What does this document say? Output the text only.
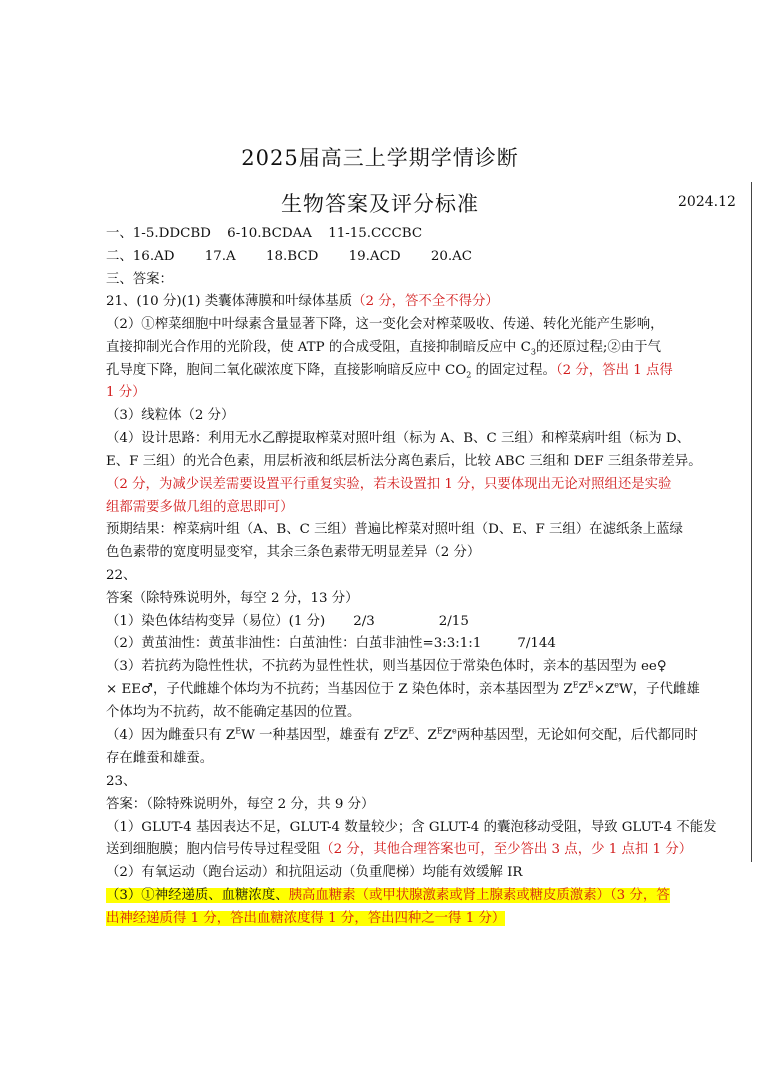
2025届高三上学期学情诊断
生物答案及评分标准	2024.12
一、1-5.DDCBD 6-10.BCDAA 11-15.CCCBC
二、16.AD 17.A 18.BCD 19.ACD 20.AC
三、答案：
21、(10 分)(1) 类囊体薄膜和叶绿体基质（2 分，答不全不得分）
（2）①榨菜细胞中叶绿素含量显著下降，这一变化会对榨菜吸收、传递、转化光能产生影响，
直接抑制光合作用的光阶段，使 ATP 的合成受阻，直接抑制暗反应中 $C_3$的还原过程;②由于气
孔导度下降，胞间二氧化碳浓度下降，直接影响暗反应中 $CO_2$ 的固定过程。（2 分，答出 1 点得
1 分）
（3）线粒体（2 分）
（4）设计思路：利用无水乙醇提取榨菜对照叶组（标为 A、B、C 三组）和榨菜病叶组（标为 D、
E、F 三组）的光合色素，用层析液和纸层析法分离色素后，比较 ABC 三组和 DEF 三组条带差异。
（2 分，为减少误差需要设置平行重复实验，若未设置扣 1 分，只要体现出无论对照组还是实验
组都需要多做几组的意思即可）
预期结果：榨菜病叶组（A、B、C 三组）普遍比榨菜对照叶组（D、E、F 三组）在滤纸条上蓝绿
色色素带的宽度明显变窄，其余三条色素带无明显差异（2 分）
22、
答案（除特殊说明外，每空 2 分，13 分）
（1）染色体结构变异（易位）(1 分) 2/3	2/15
（2）黄茧油性：黄茧非油性：白茧油性：白茧非油性=3:3:1:1	7/144
（3）若抗药为隐性性状，不抗药为显性性状，则当基因位于常染色体时，亲本的基因型为 ee♀
× EE♂，子代雌雄个体均为不抗药；当基因位于 Z 染色体时，亲本基因型为 $Z^EZ^E\times Z^eW$，子代雌雄
个体均为不抗药，故不能确定基因的位置。
（4）因为雌蚕只有 $Z^EW$ 一种基因型，雄蚕有 $Z^EZ^E$、$Z^EZ^e$两种基因型，无论如何交配，后代都同时
存在雌蚕和雄蚕。
23、
答案：（除特殊说明外，每空 2 分，共 9 分）
（1）GLUT-4 基因表达不足，GLUT-4 数量较少；含 GLUT-4 的囊泡移动受阻，导致 GLUT-4 不能发
送到细胞膜；胞内信号传导过程受阻（2 分，其他合理答案也可，至少答出 3 点，少 1 点扣 1 分）
（2）有氧运动（跑台运动）和抗阻运动（负重爬梯）均能有效缓解 IR
（3）①神经递质、血糖浓度、胰高血糖素（或甲状腺激素或肾上腺素或糖皮质激素）（3 分，答
出神经递质得 1 分，答出血糖浓度得 1 分，答出四种之一得 1 分）
